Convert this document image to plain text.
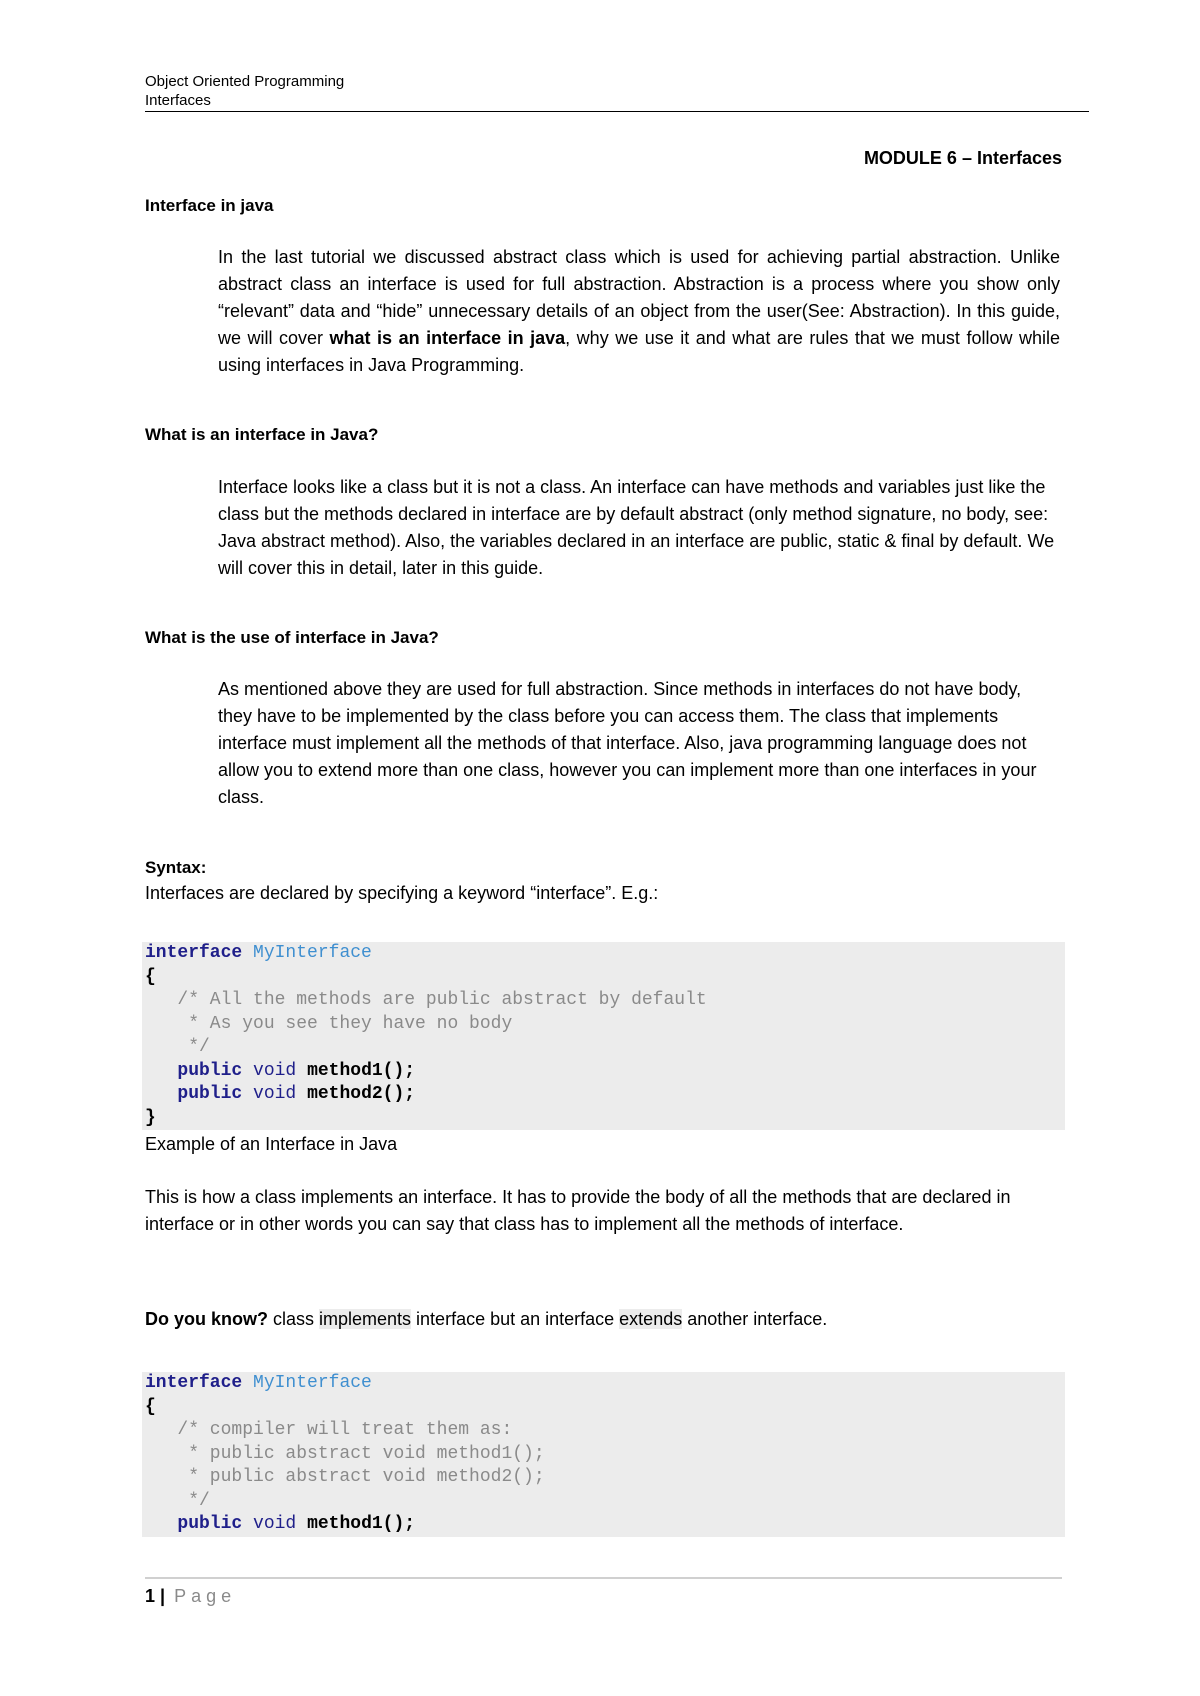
Object Oriented Programming
Interfaces
MODULE 6 – Interfaces
Interface in java
In the last tutorial we discussed abstract class which is used for achieving partial abstraction. Unlike abstract class an interface is used for full abstraction. Abstraction is a process where you show only “relevant” data and “hide” unnecessary details of an object from the user(See: Abstraction). In this guide, we will cover what is an interface in java, why we use it and what are rules that we must follow while using interfaces in Java Programming.
What is an interface in Java?
Interface looks like a class but it is not a class. An interface can have methods and variables just like the class but the methods declared in interface are by default abstract (only method signature, no body, see: Java abstract method). Also, the variables declared in an interface are public, static & final by default. We will cover this in detail, later in this guide.
What is the use of interface in Java?
As mentioned above they are used for full abstraction. Since methods in interfaces do not have body, they have to be implemented by the class before you can access them. The class that implements interface must implement all the methods of that interface. Also, java programming language does not allow you to extend more than one class, however you can implement more than one interfaces in your class.
Syntax:
Interfaces are declared by specifying a keyword “interface”. E.g.:
interface MyInterface
{
/* All the methods are public abstract by default
* As you see they have no body
*/
public void method1();
public void method2();
}
Example of an Interface in Java
This is how a class implements an interface. It has to provide the body of all the methods that are declared in interface or in other words you can say that class has to implement all the methods of interface.
Do you know? class implements interface but an interface extends another interface.
interface MyInterface
{
/* compiler will treat them as:
* public abstract void method1();
* public abstract void method2();
*/
public void method1();
1 | Page
